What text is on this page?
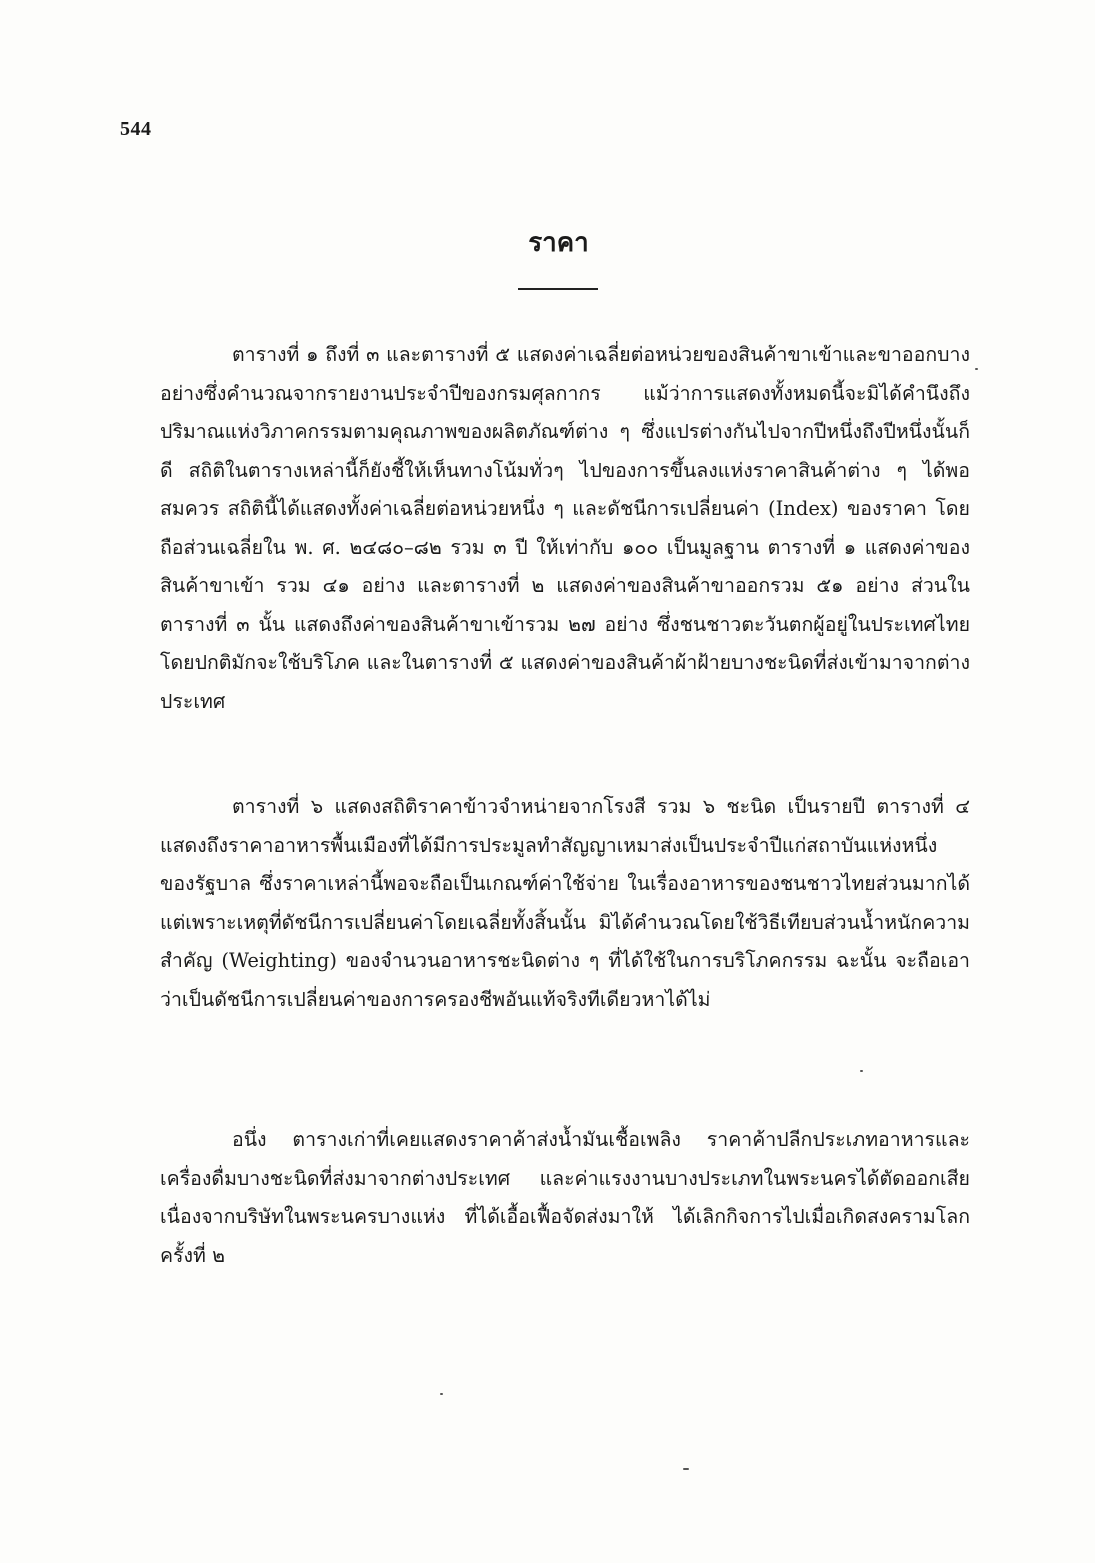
544
ราคา

ตารางที่ ๑ ถึงที่ ๓ และตารางที่ ๕ แสดงค่าเฉลี่ยต่อหน่วยของสินค้าขาเข้าและขาออกบางอย่างซึ่งคำนวณจากรายงานประจำปีของกรมศุลกากร แม้ว่าการแสดงทั้งหมดนี้จะมิได้คำนึงถึงปริมาณแห่งวิภาคกรรมตามคุณภาพของผลิตภัณฑ์ต่าง ๆ ซึ่งแปรต่างกันไปจากปีหนึ่งถึงปีหนึ่งนั้นก็ดี สถิติในตารางเหล่านี้ก็ยังชี้ให้เห็นทางโน้มทั่วๆ ไปของการขึ้นลงแห่งราคาสินค้าต่าง ๆ ได้พอสมควร สถิตินี้ได้แสดงทั้งค่าเฉลี่ยต่อหน่วยหนึ่ง ๆ และดัชนีการเปลี่ยนค่า (Index) ของราคา โดยถือส่วนเฉลี่ยใน พ. ศ. ๒๔๘๐–๘๒ รวม ๓ ปี ให้เท่ากับ ๑๐๐ เป็นมูลฐาน ตารางที่ ๑ แสดงค่าของสินค้าขาเข้า รวม ๔๑ อย่าง และตารางที่ ๒ แสดงค่าของสินค้าขาออกรวม ๕๑ อย่าง ส่วนในตารางที่ ๓ นั้น แสดงถึงค่าของสินค้าขาเข้ารวม ๒๗ อย่าง ซึ่งชนชาวตะวันตกผู้อยู่ในประเทศไทยโดยปกติมักจะใช้บริโภค และในตารางที่ ๕ แสดงค่าของสินค้าผ้าฝ้ายบางชะนิดที่ส่งเข้ามาจากต่างประเทศ

ตารางที่ ๖ แสดงสถิติราคาข้าวจำหน่ายจากโรงสี รวม ๖ ชะนิด เป็นรายปี ตารางที่ ๔ แสดงถึงราคาอาหารพื้นเมืองที่ได้มีการประมูลทำสัญญาเหมาส่งเป็นประจำปีแก่สถาบันแห่งหนึ่งของรัฐบาล ซึ่งราคาเหล่านี้พอจะถือเป็นเกณฑ์ค่าใช้จ่าย ในเรื่องอาหารของชนชาวไทยส่วนมากได้แต่เพราะเหตุที่ดัชนีการเปลี่ยนค่าโดยเฉลี่ยทั้งสิ้นนั้น มิได้คำนวณโดยใช้วิธีเทียบส่วนน้ำหนักความสำคัญ (Weighting) ของจำนวนอาหารชะนิดต่าง ๆ ที่ได้ใช้ในการบริโภคกรรม ฉะนั้น จะถือเอาว่าเป็นดัชนีการเปลี่ยนค่าของการครองชีพอันแท้จริงทีเดียวหาได้ไม่

อนึ่ง ตารางเก่าที่เคยแสดงราคาค้าส่งน้ำมันเชื้อเพลิง ราคาค้าปลีกประเภทอาหารและเครื่องดื่มบางชะนิดที่ส่งมาจากต่างประเทศ และค่าแรงงานบางประเภทในพระนครได้ตัดออกเสีย เนื่องจากบริษัทในพระนครบางแห่ง ที่ได้เอื้อเฟื้อจัดส่งมาให้ ได้เลิกกิจการไปเมื่อเกิดสงครามโลกครั้งที่ ๒
